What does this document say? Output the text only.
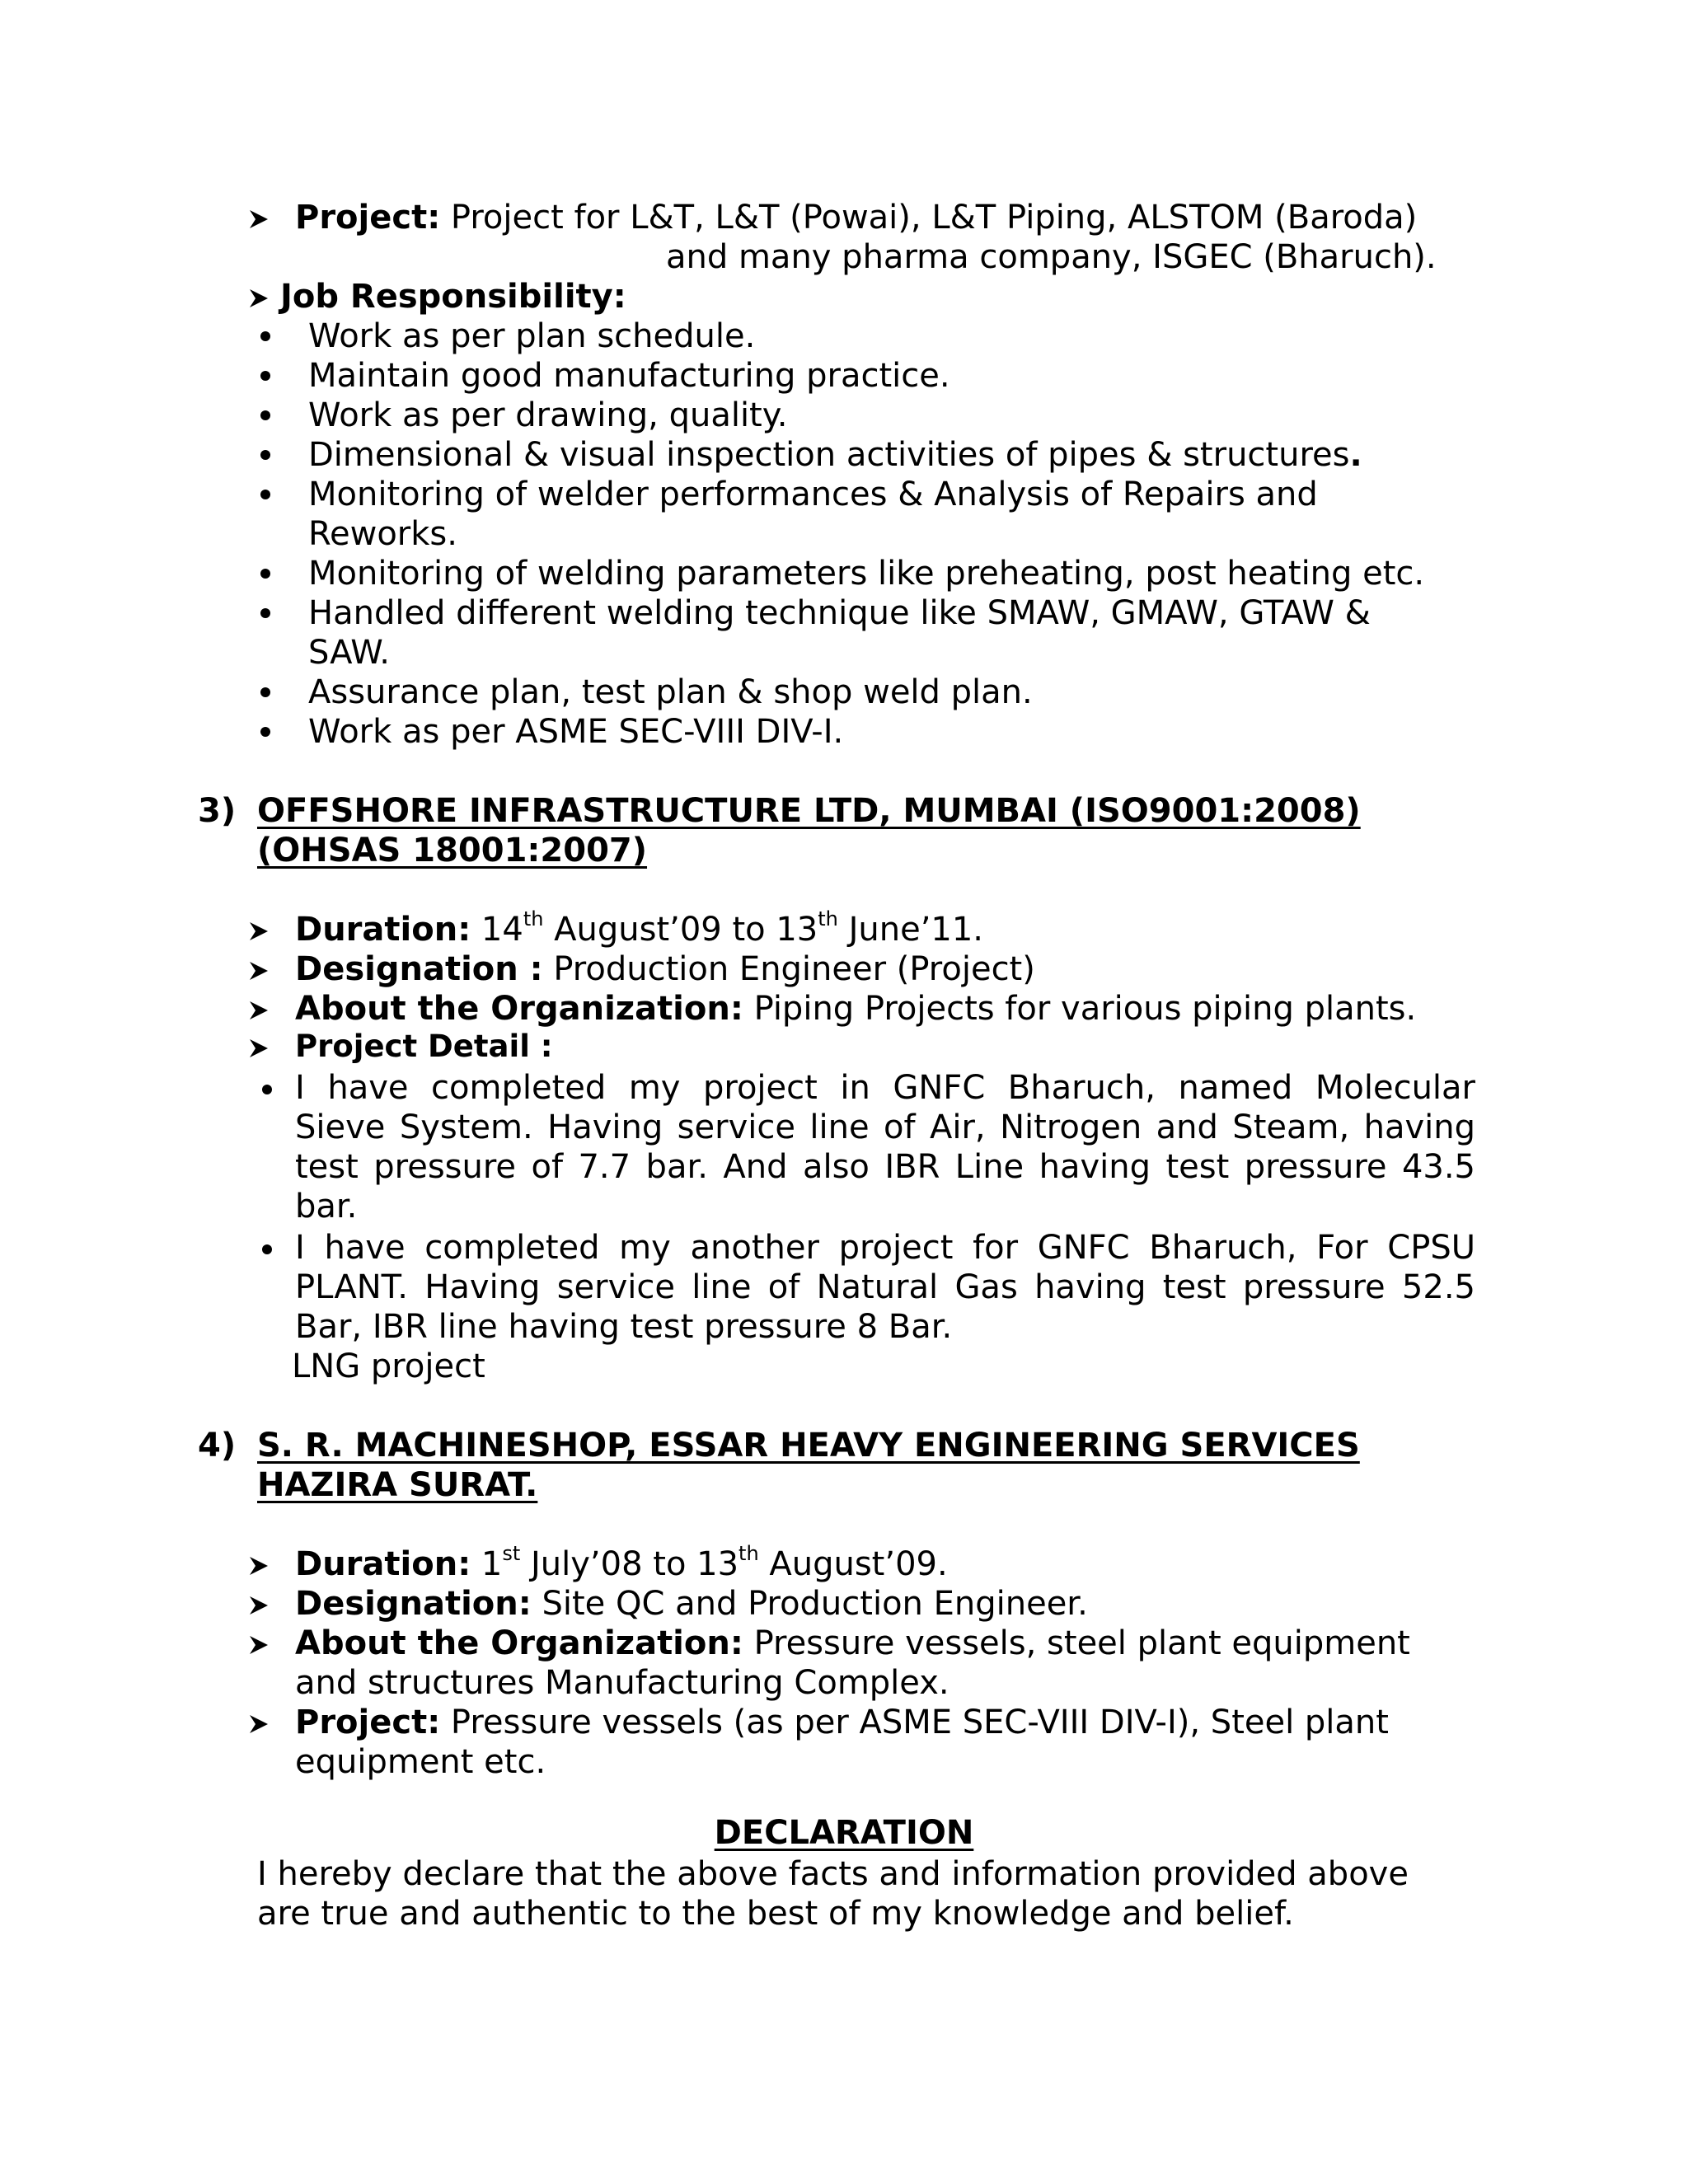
Project: Project for L&T, L&T (Powai), L&T Piping, ALSTOM (Baroda)
and many pharma company, ISGEC (Bharuch).
Job Responsibility:
Work as per plan schedule.
Maintain good manufacturing practice.
Work as per drawing, quality.
Dimensional & visual inspection activities of pipes & structures.
Monitoring of welder performances & Analysis of Repairs and
Reworks.
Monitoring of welding parameters like preheating, post heating etc.
Handled different welding technique like SMAW, GMAW, GTAW &
SAW.
Assurance plan, test plan & shop weld plan.
Work as per ASME SEC-VIII DIV-I.
3) OFFSHORE INFRASTRUCTURE LTD, MUMBAI (ISO9001:2008)
(OHSAS 18001:2007)
Duration: 14th August’09 to 13th June’11.
Designation : Production Engineer (Project)
About the Organization: Piping Projects for various piping plants.
Project Detail :
I have completed my project in GNFC Bharuch, named Molecular
Sieve System. Having service line of Air, Nitrogen and Steam, having
test pressure of 7.7 bar. And also IBR Line having test pressure 43.5
bar.
I have completed my another project for GNFC Bharuch, For CPSU
PLANT. Having service line of Natural Gas having test pressure 52.5
Bar, IBR line having test pressure 8 Bar.
LNG project
4) S. R. MACHINESHOP, ESSAR HEAVY ENGINEERING SERVICES
HAZIRA SURAT.
Duration: 1st July’08 to 13th August’09.
Designation: Site QC and Production Engineer.
About the Organization: Pressure vessels, steel plant equipment
and structures Manufacturing Complex.
Project: Pressure vessels (as per ASME SEC-VIII DIV-I), Steel plant
equipment etc.
DECLARATION
I hereby declare that the above facts and information provided above
are true and authentic to the best of my knowledge and belief.
